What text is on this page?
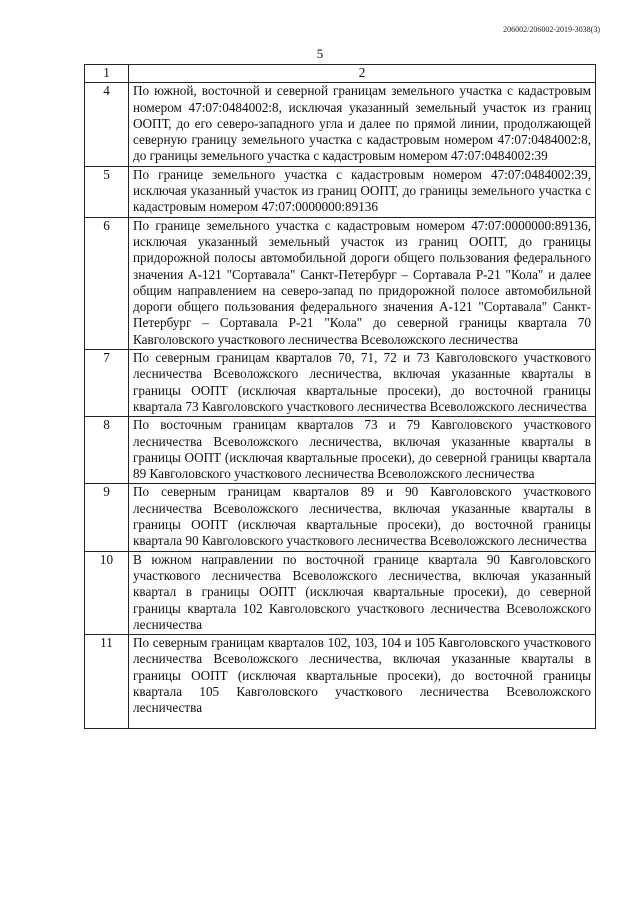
206002/206002-2019-3038(3)
5
1	2
4	По южной, восточной и северной границам земельного участка с кадастровым номером 47:07:0484002:8, исключая указанный земельный участок из границ ООПТ, до его северо-западного угла и далее по прямой линии, продолжающей северную границу земельного участка с кадастровым номером 47:07:0484002:8, до границы земельного участка с кадастровым номером 47:07:0484002:39
5	По границе земельного участка с кадастровым номером 47:07:0484002:39, исключая указанный участок из границ ООПТ, до границы земельного участка с кадастровым номером 47:07:0000000:89136
6	По границе земельного участка с кадастровым номером 47:07:0000000:89136, исключая указанный земельный участок из границ ООПТ, до границы придорожной полосы автомобильной дороги общего пользования федерального значения А-121 "Сортавала" Санкт-Петербург – Сортавала Р-21 "Кола" и далее общим направлением на северо-запад по придорожной полосе автомобильной дороги общего пользования федерального значения А-121 "Сортавала" Санкт-Петербург – Сортавала Р-21 "Кола" до северной границы квартала 70 Кавголовского участкового лесничества Всеволожского лесничества
7	По северным границам кварталов 70, 71, 72 и 73 Кавголовского участкового лесничества Всеволожского лесничества, включая указанные кварталы в границы ООПТ (исключая квартальные просеки), до восточной границы квартала 73 Кавголовского участкового лесничества Всеволожского лесничества
8	По восточным границам кварталов 73 и 79 Кавголовского участкового лесничества Всеволожского лесничества, включая указанные кварталы в границы ООПТ (исключая квартальные просеки), до северной границы квартала 89 Кавголовского участкового лесничества Всеволожского лесничества
9	По северным границам кварталов 89 и 90 Кавголовского участкового лесничества Всеволожского лесничества, включая указанные кварталы в границы ООПТ (исключая квартальные просеки), до восточной границы квартала 90 Кавголовского участкового лесничества Всеволожского лесничества
10	В южном направлении по восточной границе квартала 90 Кавголовского участкового лесничества Всеволожского лесничества, включая указанный квартал в границы ООПТ (исключая квартальные просеки), до северной границы квартала 102 Кавголовского участкового лесничества Всеволожского лесничества
11	По северным границам кварталов 102, 103, 104 и 105 Кавголовского участкового лесничества Всеволожского лесничества, включая указанные кварталы в границы ООПТ (исключая квартальные просеки), до восточной границы квартала 105 Кавголовского участкового лесничества Всеволожского лесничества
